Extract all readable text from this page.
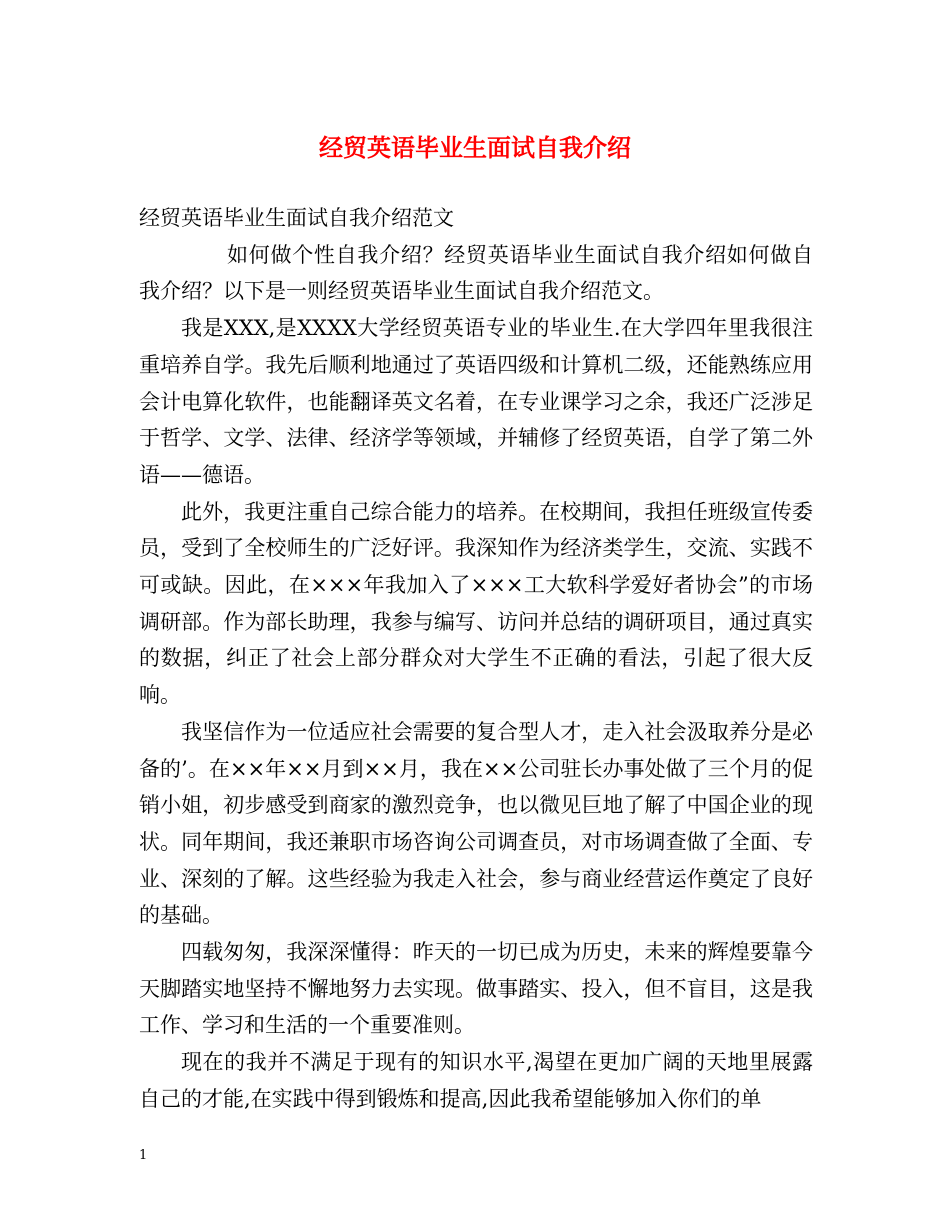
经贸英语毕业生面试自我介绍

经贸英语毕业生面试自我介绍范文

如何做个性自我介绍？经贸英语毕业生面试自我介绍如何做自我介绍？以下是一则经贸英语毕业生面试自我介绍范文。

我是XXX,是XXXX大学经贸英语专业的毕业生.在大学四年里我很注重培养自学。我先后顺利地通过了英语四级和计算机二级，还能熟练应用会计电算化软件，也能翻译英文名着，在专业课学习之余，我还广泛涉足于哲学、文学、法律、经济学等领域，并辅修了经贸英语，自学了第二外语——德语。

此外，我更注重自己综合能力的培养。在校期间，我担任班级宣传委员，受到了全校师生的广泛好评。我深知作为经济类学生，交流、实践不可或缺。因此，在×××年我加入了×××工大软科学爱好者协会”的市场调研部。作为部长助理，我参与编写、访问并总结的调研项目，通过真实的数据，纠正了社会上部分群众对大学生不正确的看法，引起了很大反响。

我坚信作为一位适应社会需要的复合型人才，走入社会汲取养分是必备的’。在××年××月到××月，我在××公司驻长办事处做了三个月的促销小姐，初步感受到商家的激烈竞争，也以微见巨地了解了中国企业的现状。同年期间，我还兼职市场咨询公司调查员，对市场调查做了全面、专业、深刻的了解。这些经验为我走入社会，参与商业经营运作奠定了良好的基础。

四载匆匆，我深深懂得：昨天的一切已成为历史，未来的辉煌要靠今天脚踏实地坚持不懈地努力去实现。做事踏实、投入，但不盲目，这是我工作、学习和生活的一个重要准则。

现在的我并不满足于现有的知识水平,渴望在更加广阔的天地里展露自己的才能,在实践中得到锻炼和提高,因此我希望能够加入你们的单

1
